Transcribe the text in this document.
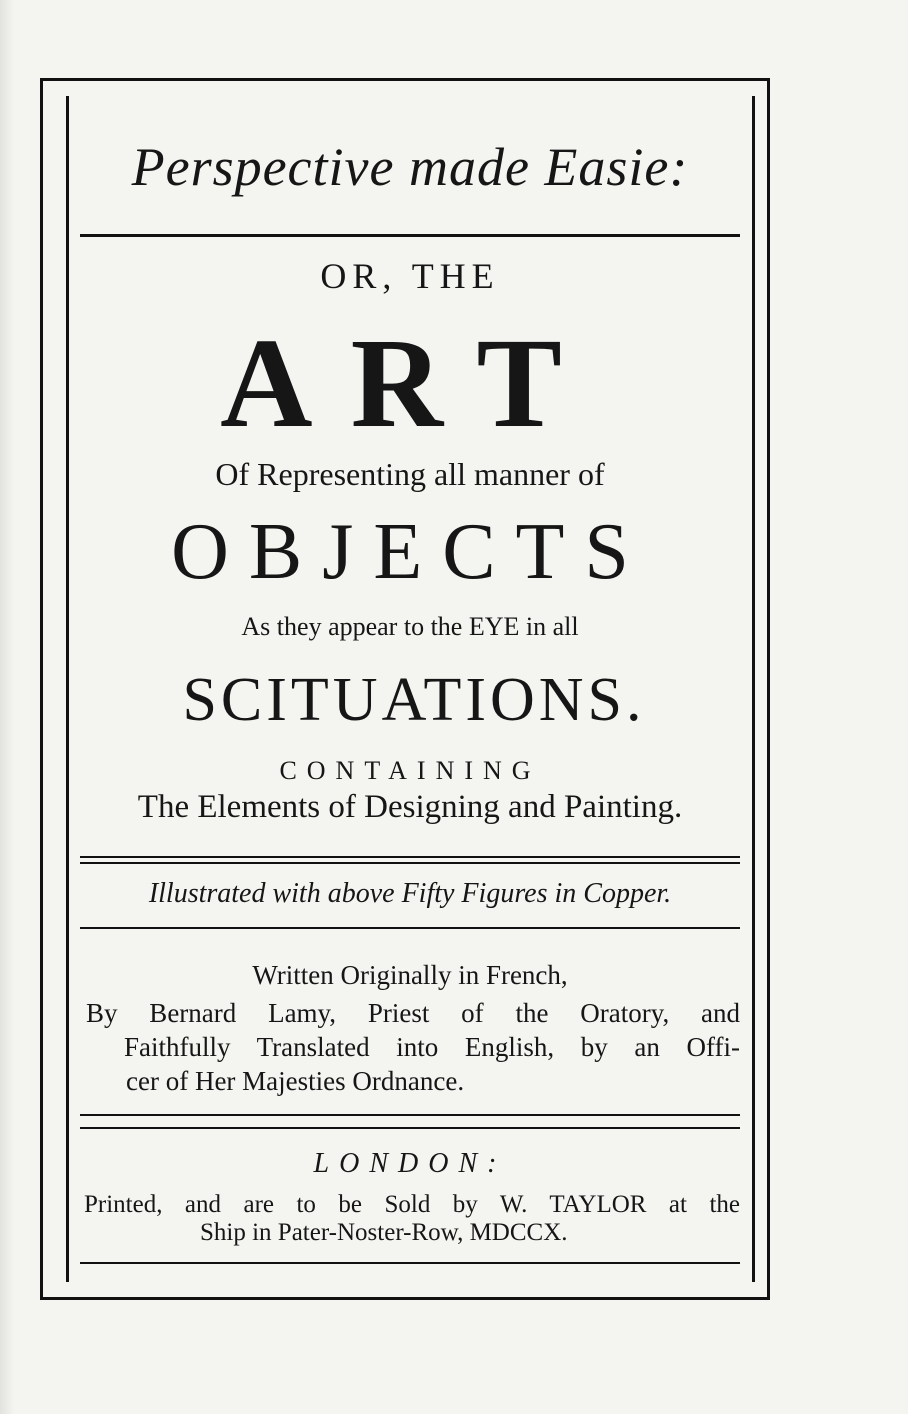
Perspective made Easie:
OR, THE
ART
Of Representing all manner of
OBJECTS
As they appear to the EYE in all
SCITUATIONS.
CONTAINING
The Elements of Designing and Painting.
Illustrated with above Fifty Figures in Copper.
Written Originally in French,
By Bernard Lamy, Priest of the Oratory, and
Faithfully Translated into English, by an Offi-
cer of Her Majesties Ordnance.
LONDON:
Printed, and are to be Sold by W. TAYLOR at the
Ship in Pater-Noster-Row, MDCCX.
